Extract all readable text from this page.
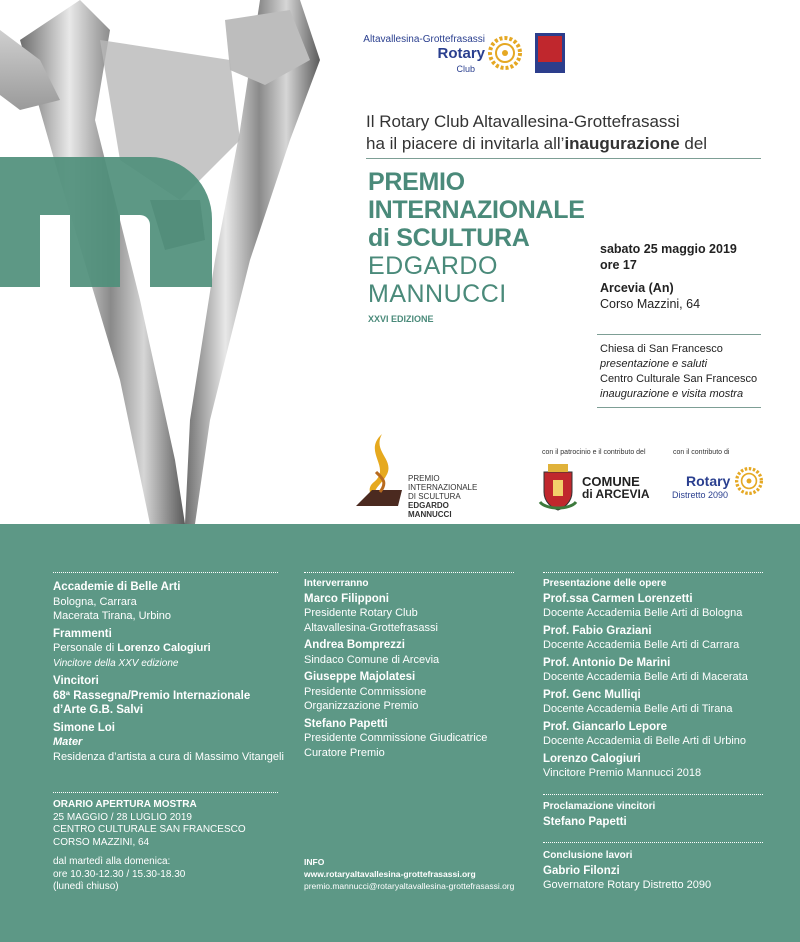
Altavallesina-Grottefrasassi
Rotary
Club
Il Rotary Club Altavallesina-Grottefrasassi
ha il piacere di invitarla all’inaugurazione del
PREMIO
INTERNAZIONALE
di SCULTURA
EDGARDO
MANNUCCI
XXVI EDIZIONE
sabato 25 maggio 2019
ore 17
Arcevia (An)
Corso Mazzini, 64
Chiesa di San Francesco
presentazione e saluti
Centro Culturale San Francesco
inaugurazione e visita mostra
PREMIO
INTERNAZIONALE
DI SCULTURA
EDGARDO MANNUCCI
con il patrocinio e il contributo del	con il contributo di
COMUNE
di ARCEVIA
Rotary
Distretto 2090
Accademie di Belle Arti
Bologna, Carrara
Macerata Tirana, Urbino
Frammenti
Personale di Lorenzo Calogiuri
Vincitore della XXV edizione
Vincitori
68ª Rassegna/Premio Internazionale
d’Arte G.B. Salvi
Simone Loi
Mater
Residenza d’artista a cura di Massimo Vitangeli
ORARIO APERTURA MOSTRA
25 MAGGIO / 28 LUGLIO 2019
CENTRO CULTURALE SAN FRANCESCO
CORSO MAZZINI, 64
dal martedì alla domenica:
ore 10.30-12.30 / 15.30-18.30
(lunedì chiuso)
Interverranno
Marco Filipponi
Presidente Rotary Club
Altavallesina-Grottefrasassi
Andrea Bomprezzi
Sindaco Comune di Arcevia
Giuseppe Majolatesi
Presidente Commissione
Organizzazione Premio
Stefano Papetti
Presidente Commissione Giudicatrice
Curatore Premio
INFO
www.rotaryaltavallesina-grottefrasassi.org
premio.mannucci@rotaryaltavallesina-grottefrasassi.org
Presentazione delle opere
Prof.ssa Carmen Lorenzetti
Docente Accademia Belle Arti di Bologna
Prof. Fabio Graziani
Docente Accademia Belle Arti di Carrara
Prof. Antonio De Marini
Docente Accademia Belle Arti di Macerata
Prof. Genc Mulliqi
Docente Accademia Belle Arti di Tirana
Prof. Giancarlo Lepore
Docente Accademia di Belle Arti di Urbino
Lorenzo Calogiuri
Vincitore Premio Mannucci 2018
Proclamazione vincitori
Stefano Papetti
Conclusione lavori
Gabrio Filonzi
Governatore Rotary Distretto 2090
